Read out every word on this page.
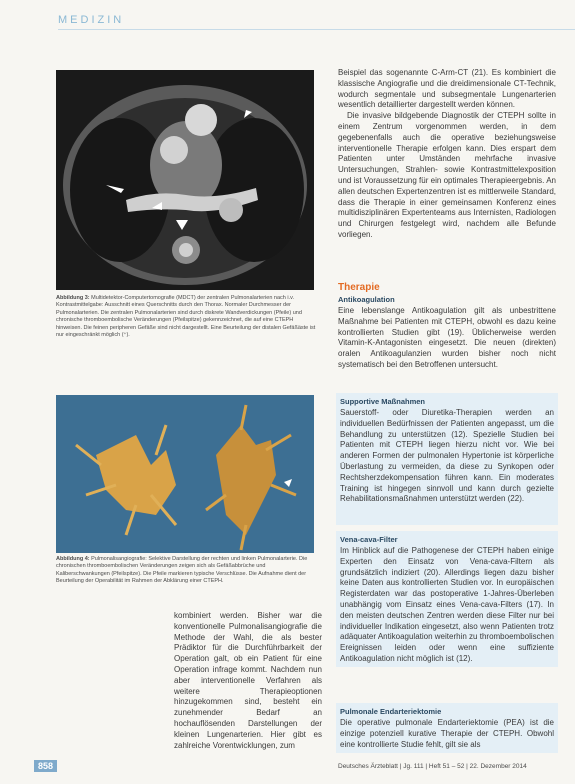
MEDIZIN
Abbildung 3: Multidetektor-Computertomografie (MDCT) der zentralen Pulmonalarterien nach i.v. Kontrastmittelgabe: Ausschnitt eines Querschnitts durch den Thorax. Normaler Durchmesser der Pulmonalarterien. Die zentralen Pulmonalarterien sind durch diskrete Wandverdickungen (Pfeile) und chronische thromboembolische Veränderungen (Pfeilspitze) gekennzeichnet, die auf eine CTEPH hinweisen. Die feinen peripheren Gefäße sind nicht dargestellt. Eine Beurteilung der distalen Gefäßäste ist nur eingeschränkt möglich (⁺).
Abbildung 4: Pulmonalisangiografie: Selektive Darstellung der rechten und linken Pulmonalarterie. Die chronischen thromboembolischen Veränderungen zeigen sich als Gefäßabbrüche und Kaliberschwankungen (Pfeilspitze). Die Pfeile markieren typische Verschlüsse. Die Aufnahme dient der Beurteilung der Operabilität im Rahmen der Abklärung einer CTEPH.

kombiniert werden. Bisher war die konventionelle Pulmonalisangiografie die Methode der Wahl, die als bester Prädiktor für die Durchführbarkeit der Operation galt, ob ein Patient für eine Operation infrage kommt. Nachdem nun aber interventionelle Verfahren als weitere Therapieoptionen hinzugekommen sind, besteht ein zunehmender Bedarf an hochauflösenden Darstellungen der kleinen Lungenarterien. Hier gibt es zahlreiche Vorentwicklungen, zum

Beispiel das sogenannte C-Arm-CT (21). Es kombiniert die klassische Angiografie und die dreidimensionale CT-Technik, wodurch segmentale und subsegmentale Lungenarterien wesentlich detaillierter dargestellt werden können.

Die invasive bildgebende Diagnostik der CTEPH sollte in einem Zentrum vorgenommen werden, in dem gegebenenfalls auch die operative beziehungsweise interventionelle Therapie erfolgen kann. Dies erspart dem Patienten unter Umständen mehrfache invasive Untersuchungen, Strahlen- sowie Kontrastmittelexposition und ist Voraussetzung für ein optimales Therapieergebnis. An allen deutschen Expertenzentren ist es mittlerweile Standard, dass die Therapie in einer gemeinsamen Konferenz eines multidisziplinären Expertenteams aus Internisten, Radiologen und Chirurgen festgelegt wird, nachdem alle Befunde vorliegen.

Therapie
Antikoagulation

Eine lebenslange Antikoagulation gilt als unbestrittene Maßnahme bei Patienten mit CTEPH, obwohl es dazu keine kontrollierten Studien gibt (19). Üblicherweise werden Vitamin-K-Antagonisten eingesetzt. Die neuen (direkten) oralen Antikoagulanzien wurden bisher noch nicht systematisch bei den Betroffenen untersucht.

Supportive Maßnahmen

Sauerstoff- oder Diuretika-Therapien werden an individuellen Bedürfnissen der Patienten angepasst, um die Behandlung zu unterstützen (12). Spezielle Studien bei Patienten mit CTEPH liegen hierzu nicht vor. Wie bei anderen Formen der pulmonalen Hypertonie ist körperliche Überlastung zu vermeiden, da diese zu Synkopen oder Rechtsherzdekompensation führen kann. Ein moderates Training ist hingegen sinnvoll und kann durch gezielte Rehabilitationsmaßnahmen unterstützt werden (22).

Vena-cava-Filter

Im Hinblick auf die Pathogenese der CTEPH haben einige Experten den Einsatz von Vena-cava-Filtern als grundsätzlich indiziert (20). Allerdings liegen dazu bisher keine Daten aus kontrollierten Studien vor. In europäischen Registerdaten war das postoperative 1-Jahres-Überleben unabhängig vom Einsatz eines Vena-cava-Filters (17). In den meisten deutschen Zentren werden diese Filter nur bei individueller Indikation eingesetzt, also wenn Patienten trotz adäquater Antikoagulation weiterhin zu thromboembolischen Ereignissen leiden oder wenn eine suffiziente Antikoagulation nicht möglich ist (12).

Pulmonale Endarteriektomie

Die operative pulmonale Endarteriektomie (PEA) ist die einzige potenziell kurative Therapie der CTEPH. Obwohl eine kontrollierte Studie fehlt, gilt sie als

858	Deutsches Ärzteblatt | Jg. 111 | Heft 51 – 52 | 22. Dezember 2014
